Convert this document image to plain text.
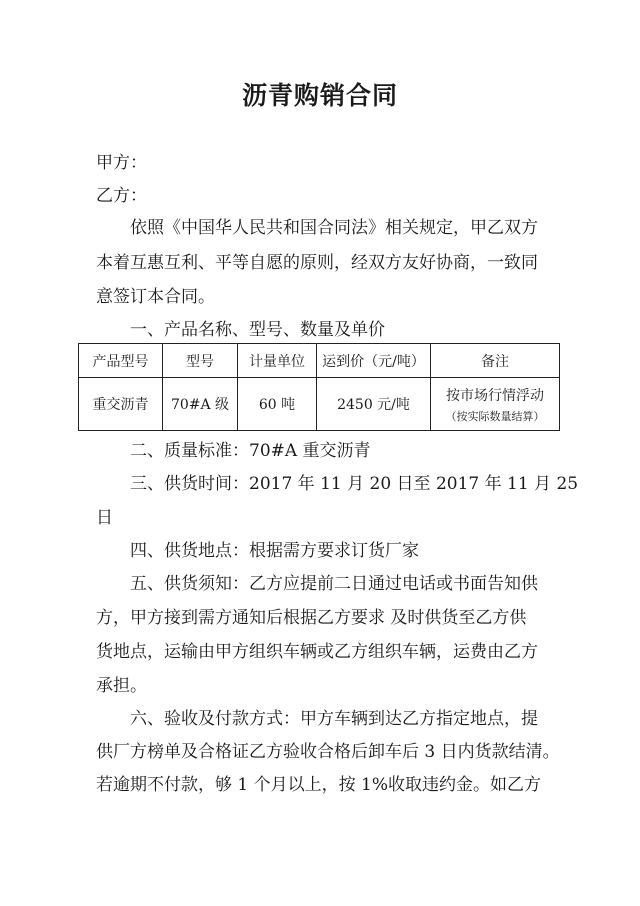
沥青购销合同
甲方：
乙方：
依照《中国华人民共和国合同法》相关规定，甲乙双方
本着互惠互利、平等自愿的原则，经双方友好协商，一致同
意签订本合同。
一、产品名称、型号、数量及单价
产品型号	型号	计量单位	运到价（元/吨）	备注
重交沥青	70#A 级	60 吨	2450 元/吨	按市场行情浮动
（按实际数量结算）
二、质量标准：70#A 重交沥青
三、供货时间：2017 年 11 月 20 日至 2017 年 11 月 25
日
四、供货地点：根据需方要求订货厂家
五、供货须知：乙方应提前二日通过电话或书面告知供
方，甲方接到需方通知后根据乙方要求 及时供货至乙方供
货地点，运输由甲方组织车辆或乙方组织车辆，运费由乙方
承担。
六、验收及付款方式：甲方车辆到达乙方指定地点，提
供厂方榜单及合格证乙方验收合格后卸车后 3 日内货款结清。
若逾期不付款，够 1 个月以上，按 1%收取违约金。如乙方
